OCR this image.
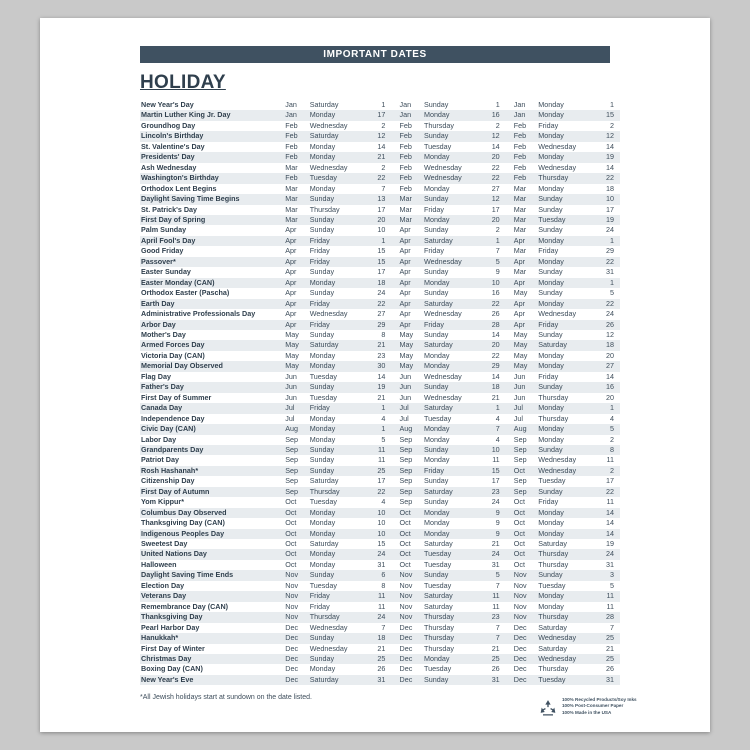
IMPORTANT DATES
HOLIDAY
New Year's Day	Jan	Saturday	1		Jan	Sunday	1		Jan	Monday	1
Martin Luther King Jr. Day	Jan	Monday	17		Jan	Monday	16		Jan	Monday	15
Groundhog Day	Feb	Wednesday	2		Feb	Thursday	2		Feb	Friday	2
Lincoln's Birthday	Feb	Saturday	12		Feb	Sunday	12		Feb	Monday	12
St. Valentine's Day	Feb	Monday	14		Feb	Tuesday	14		Feb	Wednesday	14
Presidents' Day	Feb	Monday	21		Feb	Monday	20		Feb	Monday	19
Ash Wednesday	Mar	Wednesday	2		Feb	Wednesday	22		Feb	Wednesday	14
Washington's Birthday	Feb	Tuesday	22		Feb	Wednesday	22		Feb	Thursday	22
Orthodox Lent Begins	Mar	Monday	7		Feb	Monday	27		Mar	Monday	18
Daylight Saving Time Begins	Mar	Sunday	13		Mar	Sunday	12		Mar	Sunday	10
St. Patrick's Day	Mar	Thursday	17		Mar	Friday	17		Mar	Sunday	17
First Day of Spring	Mar	Sunday	20		Mar	Monday	20		Mar	Tuesday	19
Palm Sunday	Apr	Sunday	10		Apr	Sunday	2		Mar	Sunday	24
April Fool's Day	Apr	Friday	1		Apr	Saturday	1		Apr	Monday	1
Good Friday	Apr	Friday	15		Apr	Friday	7		Mar	Friday	29
Passover*	Apr	Friday	15		Apr	Wednesday	5		Apr	Monday	22
Easter Sunday	Apr	Sunday	17		Apr	Sunday	9		Mar	Sunday	31
Easter Monday (CAN)	Apr	Monday	18		Apr	Monday	10		Apr	Monday	1
Orthodox Easter (Pascha)	Apr	Sunday	24		Apr	Sunday	16		May	Sunday	5
Earth Day	Apr	Friday	22		Apr	Saturday	22		Apr	Monday	22
Administrative Professionals Day	Apr	Wednesday	27		Apr	Wednesday	26		Apr	Wednesday	24
Arbor Day	Apr	Friday	29		Apr	Friday	28		Apr	Friday	26
Mother's Day	May	Sunday	8		May	Sunday	14		May	Sunday	12
Armed Forces Day	May	Saturday	21		May	Saturday	20		May	Saturday	18
Victoria Day (CAN)	May	Monday	23		May	Monday	22		May	Monday	20
Memorial Day Observed	May	Monday	30		May	Monday	29		May	Monday	27
Flag Day	Jun	Tuesday	14		Jun	Wednesday	14		Jun	Friday	14
Father's Day	Jun	Sunday	19		Jun	Sunday	18		Jun	Sunday	16
First Day of Summer	Jun	Tuesday	21		Jun	Wednesday	21		Jun	Thursday	20
Canada Day	Jul	Friday	1		Jul	Saturday	1		Jul	Monday	1
Independence Day	Jul	Monday	4		Jul	Tuesday	4		Jul	Thursday	4
Civic Day (CAN)	Aug	Monday	1		Aug	Monday	7		Aug	Monday	5
Labor Day	Sep	Monday	5		Sep	Monday	4		Sep	Monday	2
Grandparents Day	Sep	Sunday	11		Sep	Sunday	10		Sep	Sunday	8
Patriot Day	Sep	Sunday	11		Sep	Monday	11		Sep	Wednesday	11
Rosh Hashanah*	Sep	Sunday	25		Sep	Friday	15		Oct	Wednesday	2
Citizenship Day	Sep	Saturday	17		Sep	Sunday	17		Sep	Tuesday	17
First Day of Autumn	Sep	Thursday	22		Sep	Saturday	23		Sep	Sunday	22
Yom Kippur*	Oct	Tuesday	4		Sep	Sunday	24		Oct	Friday	11
Columbus Day Observed	Oct	Monday	10		Oct	Monday	9		Oct	Monday	14
Thanksgiving Day (CAN)	Oct	Monday	10		Oct	Monday	9		Oct	Monday	14
Indigenous Peoples Day	Oct	Monday	10		Oct	Monday	9		Oct	Monday	14
Sweetest Day	Oct	Saturday	15		Oct	Saturday	21		Oct	Saturday	19
United Nations Day	Oct	Monday	24		Oct	Tuesday	24		Oct	Thursday	24
Halloween	Oct	Monday	31		Oct	Tuesday	31		Oct	Thursday	31
Daylight Saving Time Ends	Nov	Sunday	6		Nov	Sunday	5		Nov	Sunday	3
Election Day	Nov	Tuesday	8		Nov	Tuesday	7		Nov	Tuesday	5
Veterans Day	Nov	Friday	11		Nov	Saturday	11		Nov	Monday	11
Remembrance Day (CAN)	Nov	Friday	11		Nov	Saturday	11		Nov	Monday	11
Thanksgiving Day	Nov	Thursday	24		Nov	Thursday	23		Nov	Thursday	28
Pearl Harbor Day	Dec	Wednesday	7		Dec	Thursday	7		Dec	Saturday	7
Hanukkah*	Dec	Sunday	18		Dec	Thursday	7		Dec	Wednesday	25
First Day of Winter	Dec	Wednesday	21		Dec	Thursday	21		Dec	Saturday	21
Christmas Day	Dec	Sunday	25		Dec	Monday	25		Dec	Wednesday	25
Boxing Day (CAN)	Dec	Monday	26		Dec	Tuesday	26		Dec	Thursday	26
New Year's Eve	Dec	Saturday	31		Dec	Sunday	31		Dec	Tuesday	31
*All Jewish holidays start at sundown on the date listed.	100% Recycled Products/Soy Inks
100% Post-Consumer Paper
100% Made in the USA
